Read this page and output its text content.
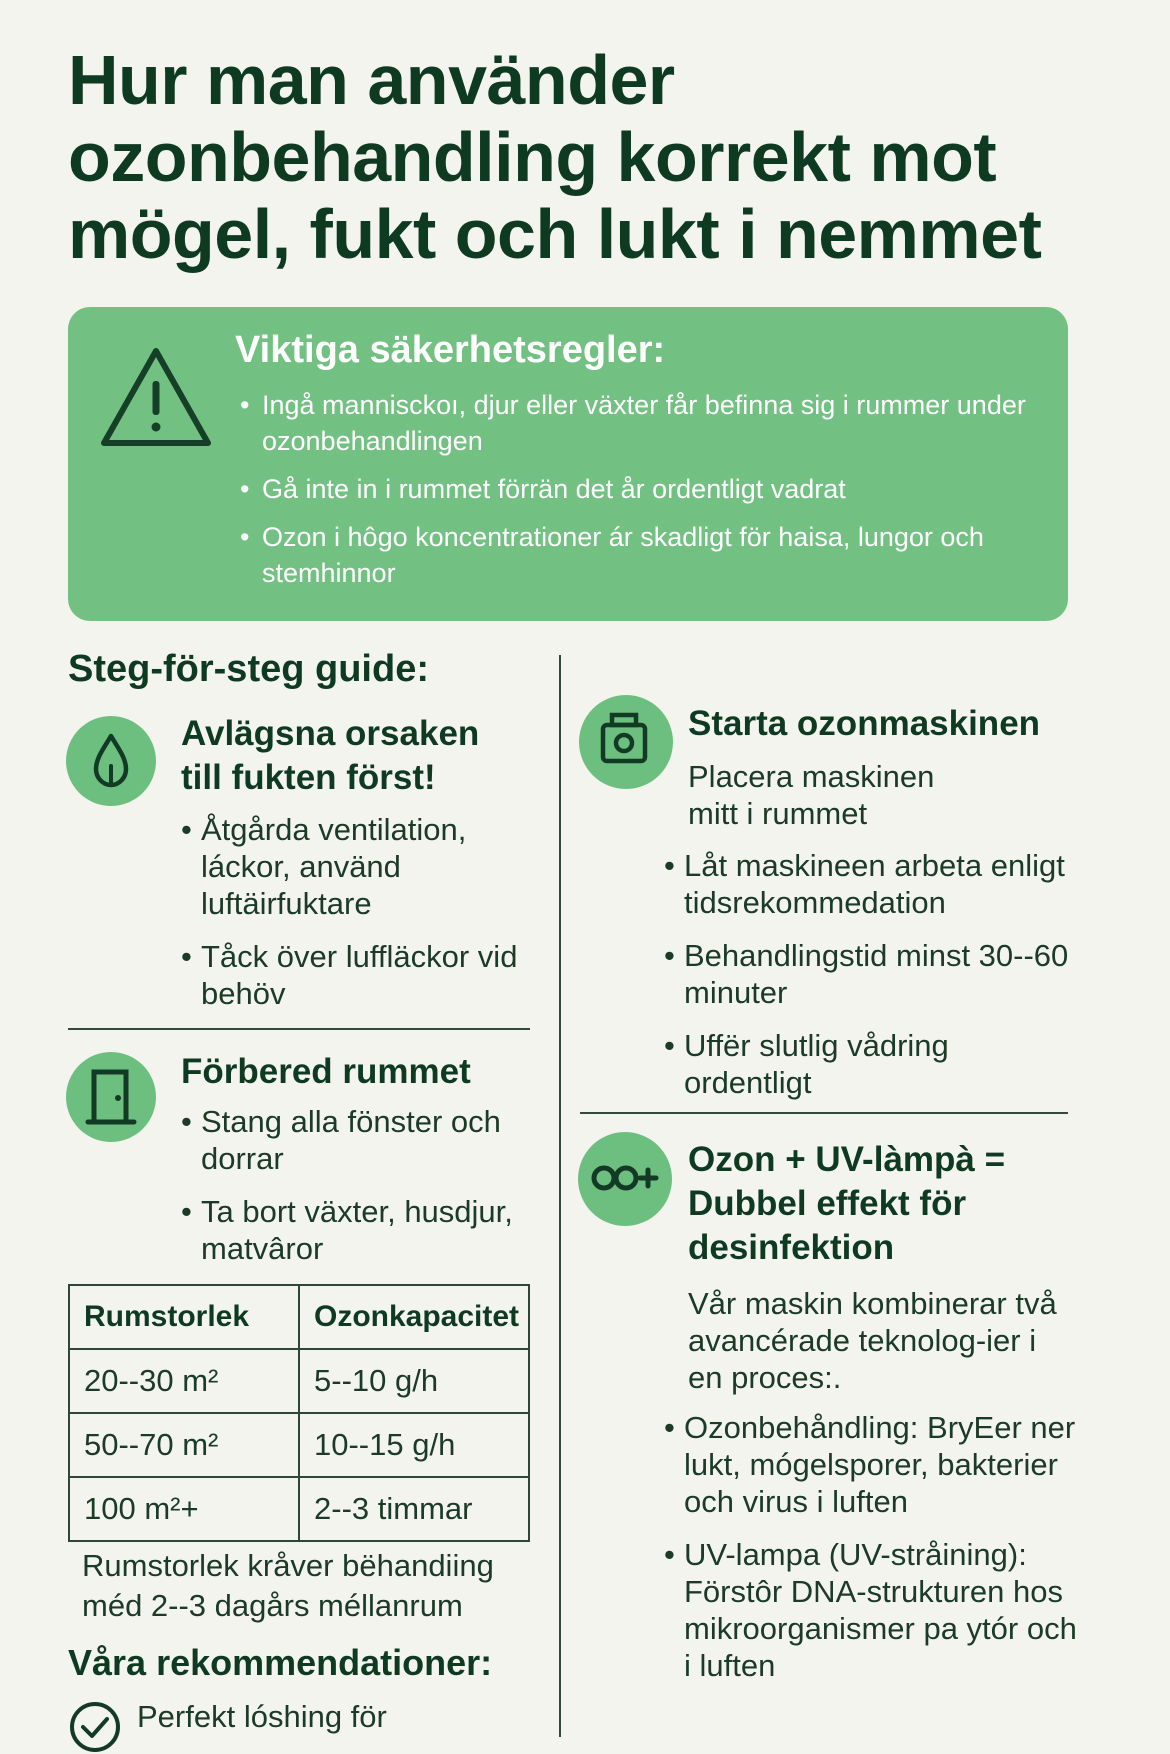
Hur man använder
ozonbehandling korrekt mot
mögel, fukt och lukt i nemmet
Viktiga säkerhetsregler:
• Ingå mannisckoı, djur eller växter får befinna sig i rummer under ozonbehandlingen
• Gå inte in i rummet förrän det år ordentligt vadrat
• Ozon i hôgo koncentrationer ár skadligt för haisa, lungor och stemhinnor
Steg-för-steg guide:
Avlägsna orsaken
till fukten först!
• Åtgårda ventilation, láckor, använd luftäirfuktare
• Tåck över luffläckor vid behöv
Förbered rummet
• Stang alla fönster och dorrar
• Ta bort växter, husdjur, matvâror
Rumstorlek	Ozonkapacitet
20--30 m²	5--10 g/h
50--70 m²	10--15 g/h
100 m²+	2--3 timmar
Rumstorlek kråver bëhandiing méd 2--3 dagårs méllanrum
Våra rekommendationer:
Perfekt lóshing för
Starta ozonmaskinen
Placera maskinen
mitt i rummet
• Låt maskineen arbeta enligt tidsrekommedation
• Behandlingstid minst 30--60 minuter
• Uffër slutlig vådring ordentligt
Ozon + UV-làmpà =
Dubbel effekt för
desinfektion
Vår maskin kombinerar två avancérade teknolog-ier i en proces:.
• Ozonbehåndling: BryEer ner lukt, mógelsporer, bakterier och virus i luften
• UV-lampa (UV-stråining): Förstôr DNA-strukturen hos mikroorganismer pa ytór och i luften
